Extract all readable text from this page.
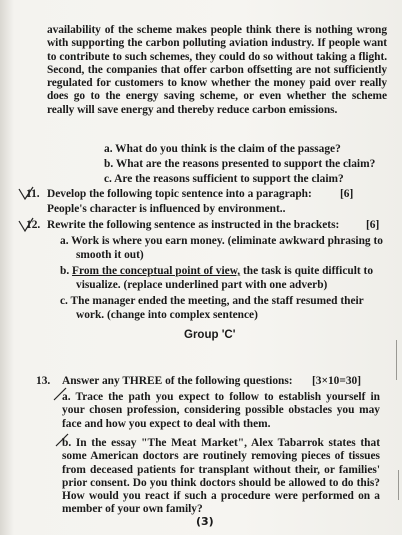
availability of the scheme makes people think there is nothing wrong with supporting the carbon polluting aviation industry. If people want to contribute to such schemes, they could do so without taking a flight. Second, the companies that offer carbon offsetting are not sufficiently regulated for customers to know whether the money paid over really does go to the energy saving scheme, or even whether the scheme really will save energy and thereby reduce carbon emissions.
a. What do you think is the claim of the passage?
b. What are the reasons presented to support the claim?
c. Are the reasons sufficient to support the claim?
11. Develop the following topic sentence into a paragraph: [6]
People's character is influenced by environment..
12. Rewrite the following sentence as instructed in the brackets: [6]
a. Work is where you earn money. (eliminate awkward phrasing to
smooth it out)
b. From the conceptual point of view, the task is quite difficult to
visualize. (replace underlined part with one adverb)
c. The manager ended the meeting, and the staff resumed their
work. (change into complex sentence)
Group 'C'
13. Answer any THREE of the following questions: [3×10=30]
a. Trace the path you expect to follow to establish yourself in your chosen profession, considering possible obstacles you may face and how you expect to deal with them.
b. In the essay "The Meat Market", Alex Tabarrok states that some American doctors are routinely removing pieces of tissues from deceased patients for transplant without their, or families' prior consent. Do you think doctors should be allowed to do this? How would you react if such a procedure were performed on a member of your own family?
(3)
